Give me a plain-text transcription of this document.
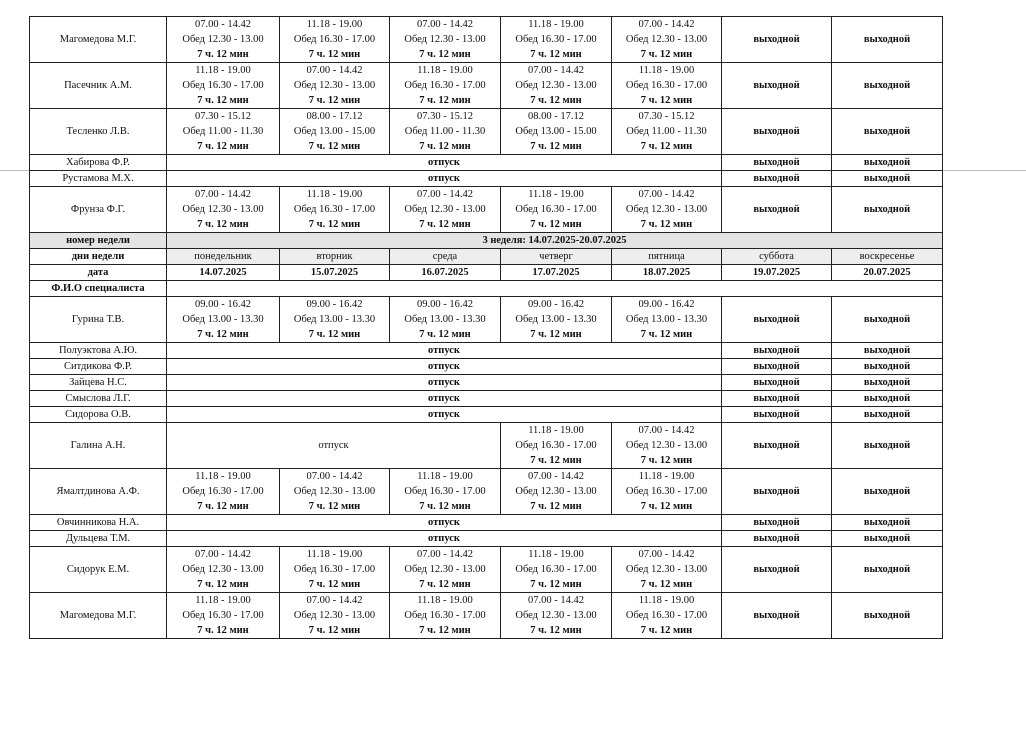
Магомедова М.Г.	07.00 - 14.42
Обед 12.30 - 13.00
7 ч. 12 мин	11.18 - 19.00
Обед 16.30 - 17.00
7 ч. 12 мин	07.00 - 14.42
Обед 12.30 - 13.00
7 ч. 12 мин	11.18 - 19.00
Обед 16.30 - 17.00
7 ч. 12 мин	07.00 - 14.42
Обед 12.30 - 13.00
7 ч. 12 мин	выходной	выходной
Пасечник А.М.	11.18 - 19.00
Обед 16.30 - 17.00
7 ч. 12 мин	07.00 - 14.42
Обед 12.30 - 13.00
7 ч. 12 мин	11.18 - 19.00
Обед 16.30 - 17.00
7 ч. 12 мин	07.00 - 14.42
Обед 12.30 - 13.00
7 ч. 12 мин	11.18 - 19.00
Обед 16.30 - 17.00
7 ч. 12 мин	выходной	выходной
Тесленко Л.В.	07.30 - 15.12
Обед 11.00 - 11.30
7 ч. 12 мин	08.00 - 17.12
Обед 13.00 - 15.00
7 ч. 12 мин	07.30 - 15.12
Обед 11.00 - 11.30
7 ч. 12 мин	08.00 - 17.12
Обед 13.00 - 15.00
7 ч. 12 мин	07.30 - 15.12
Обед 11.00 - 11.30
7 ч. 12 мин	выходной	выходной
Хабирова Ф.Р.	отпуск					выходной	выходной
Рустамова М.Х.	отпуск					выходной	выходной
Фрунза Ф.Г.	07.00 - 14.42
Обед 12.30 - 13.00
7 ч. 12 мин	11.18 - 19.00
Обед 16.30 - 17.00
7 ч. 12 мин	07.00 - 14.42
Обед 12.30 - 13.00
7 ч. 12 мин	11.18 - 19.00
Обед 16.30 - 17.00
7 ч. 12 мин	07.00 - 14.42
Обед 12.30 - 13.00
7 ч. 12 мин	выходной	выходной
номер недели	3 неделя: 14.07.2025-20.07.2025						
дни недели	понедельник	вторник	среда	четверг	пятница	суббота	воскресенье
дата	14.07.2025	15.07.2025	16.07.2025	17.07.2025	18.07.2025	19.07.2025	20.07.2025
Ф.И.О специалиста							
Гурина Т.В.	09.00 - 16.42
Обед 13.00 - 13.30
7 ч. 12 мин	09.00 - 16.42
Обед 13.00 - 13.30
7 ч. 12 мин	09.00 - 16.42
Обед 13.00 - 13.30
7 ч. 12 мин	09.00 - 16.42
Обед 13.00 - 13.30
7 ч. 12 мин	09.00 - 16.42
Обед 13.00 - 13.30
7 ч. 12 мин	выходной	выходной
Полуэктова А.Ю.	отпуск					выходной	выходной
Ситдикова Ф.Р.	отпуск					выходной	выходной
Зайцева Н.С.	отпуск					выходной	выходной
Смыслова Л.Г.	отпуск					выходной	выходной
Сидорова О.В.	отпуск					выходной	выходной
Галина А.Н.	отпуск			11.18 - 19.00
Обед 16.30 - 17.00
7 ч. 12 мин	07.00 - 14.42
Обед 12.30 - 13.00
7 ч. 12 мин	выходной	выходной
Ямалтдинова А.Ф.	11.18 - 19.00
Обед 16.30 - 17.00
7 ч. 12 мин	07.00 - 14.42
Обед 12.30 - 13.00
7 ч. 12 мин	11.18 - 19.00
Обед 16.30 - 17.00
7 ч. 12 мин	07.00 - 14.42
Обед 12.30 - 13.00
7 ч. 12 мин	11.18 - 19.00
Обед 16.30 - 17.00
7 ч. 12 мин	выходной	выходной
Овчинникова Н.А.	отпуск					выходной	выходной
Дульцева Т.М.	отпуск					выходной	выходной
Сидорук Е.М.	07.00 - 14.42
Обед 12.30 - 13.00
7 ч. 12 мин	11.18 - 19.00
Обед 16.30 - 17.00
7 ч. 12 мин	07.00 - 14.42
Обед 12.30 - 13.00
7 ч. 12 мин	11.18 - 19.00
Обед 16.30 - 17.00
7 ч. 12 мин	07.00 - 14.42
Обед 12.30 - 13.00
7 ч. 12 мин	выходной	выходной
Магомедова М.Г.	11.18 - 19.00
Обед 16.30 - 17.00
7 ч. 12 мин	07.00 - 14.42
Обед 12.30 - 13.00
7 ч. 12 мин	11.18 - 19.00
Обед 16.30 - 17.00
7 ч. 12 мин	07.00 - 14.42
Обед 12.30 - 13.00
7 ч. 12 мин	11.18 - 19.00
Обед 16.30 - 17.00
7 ч. 12 мин	выходной	выходной
